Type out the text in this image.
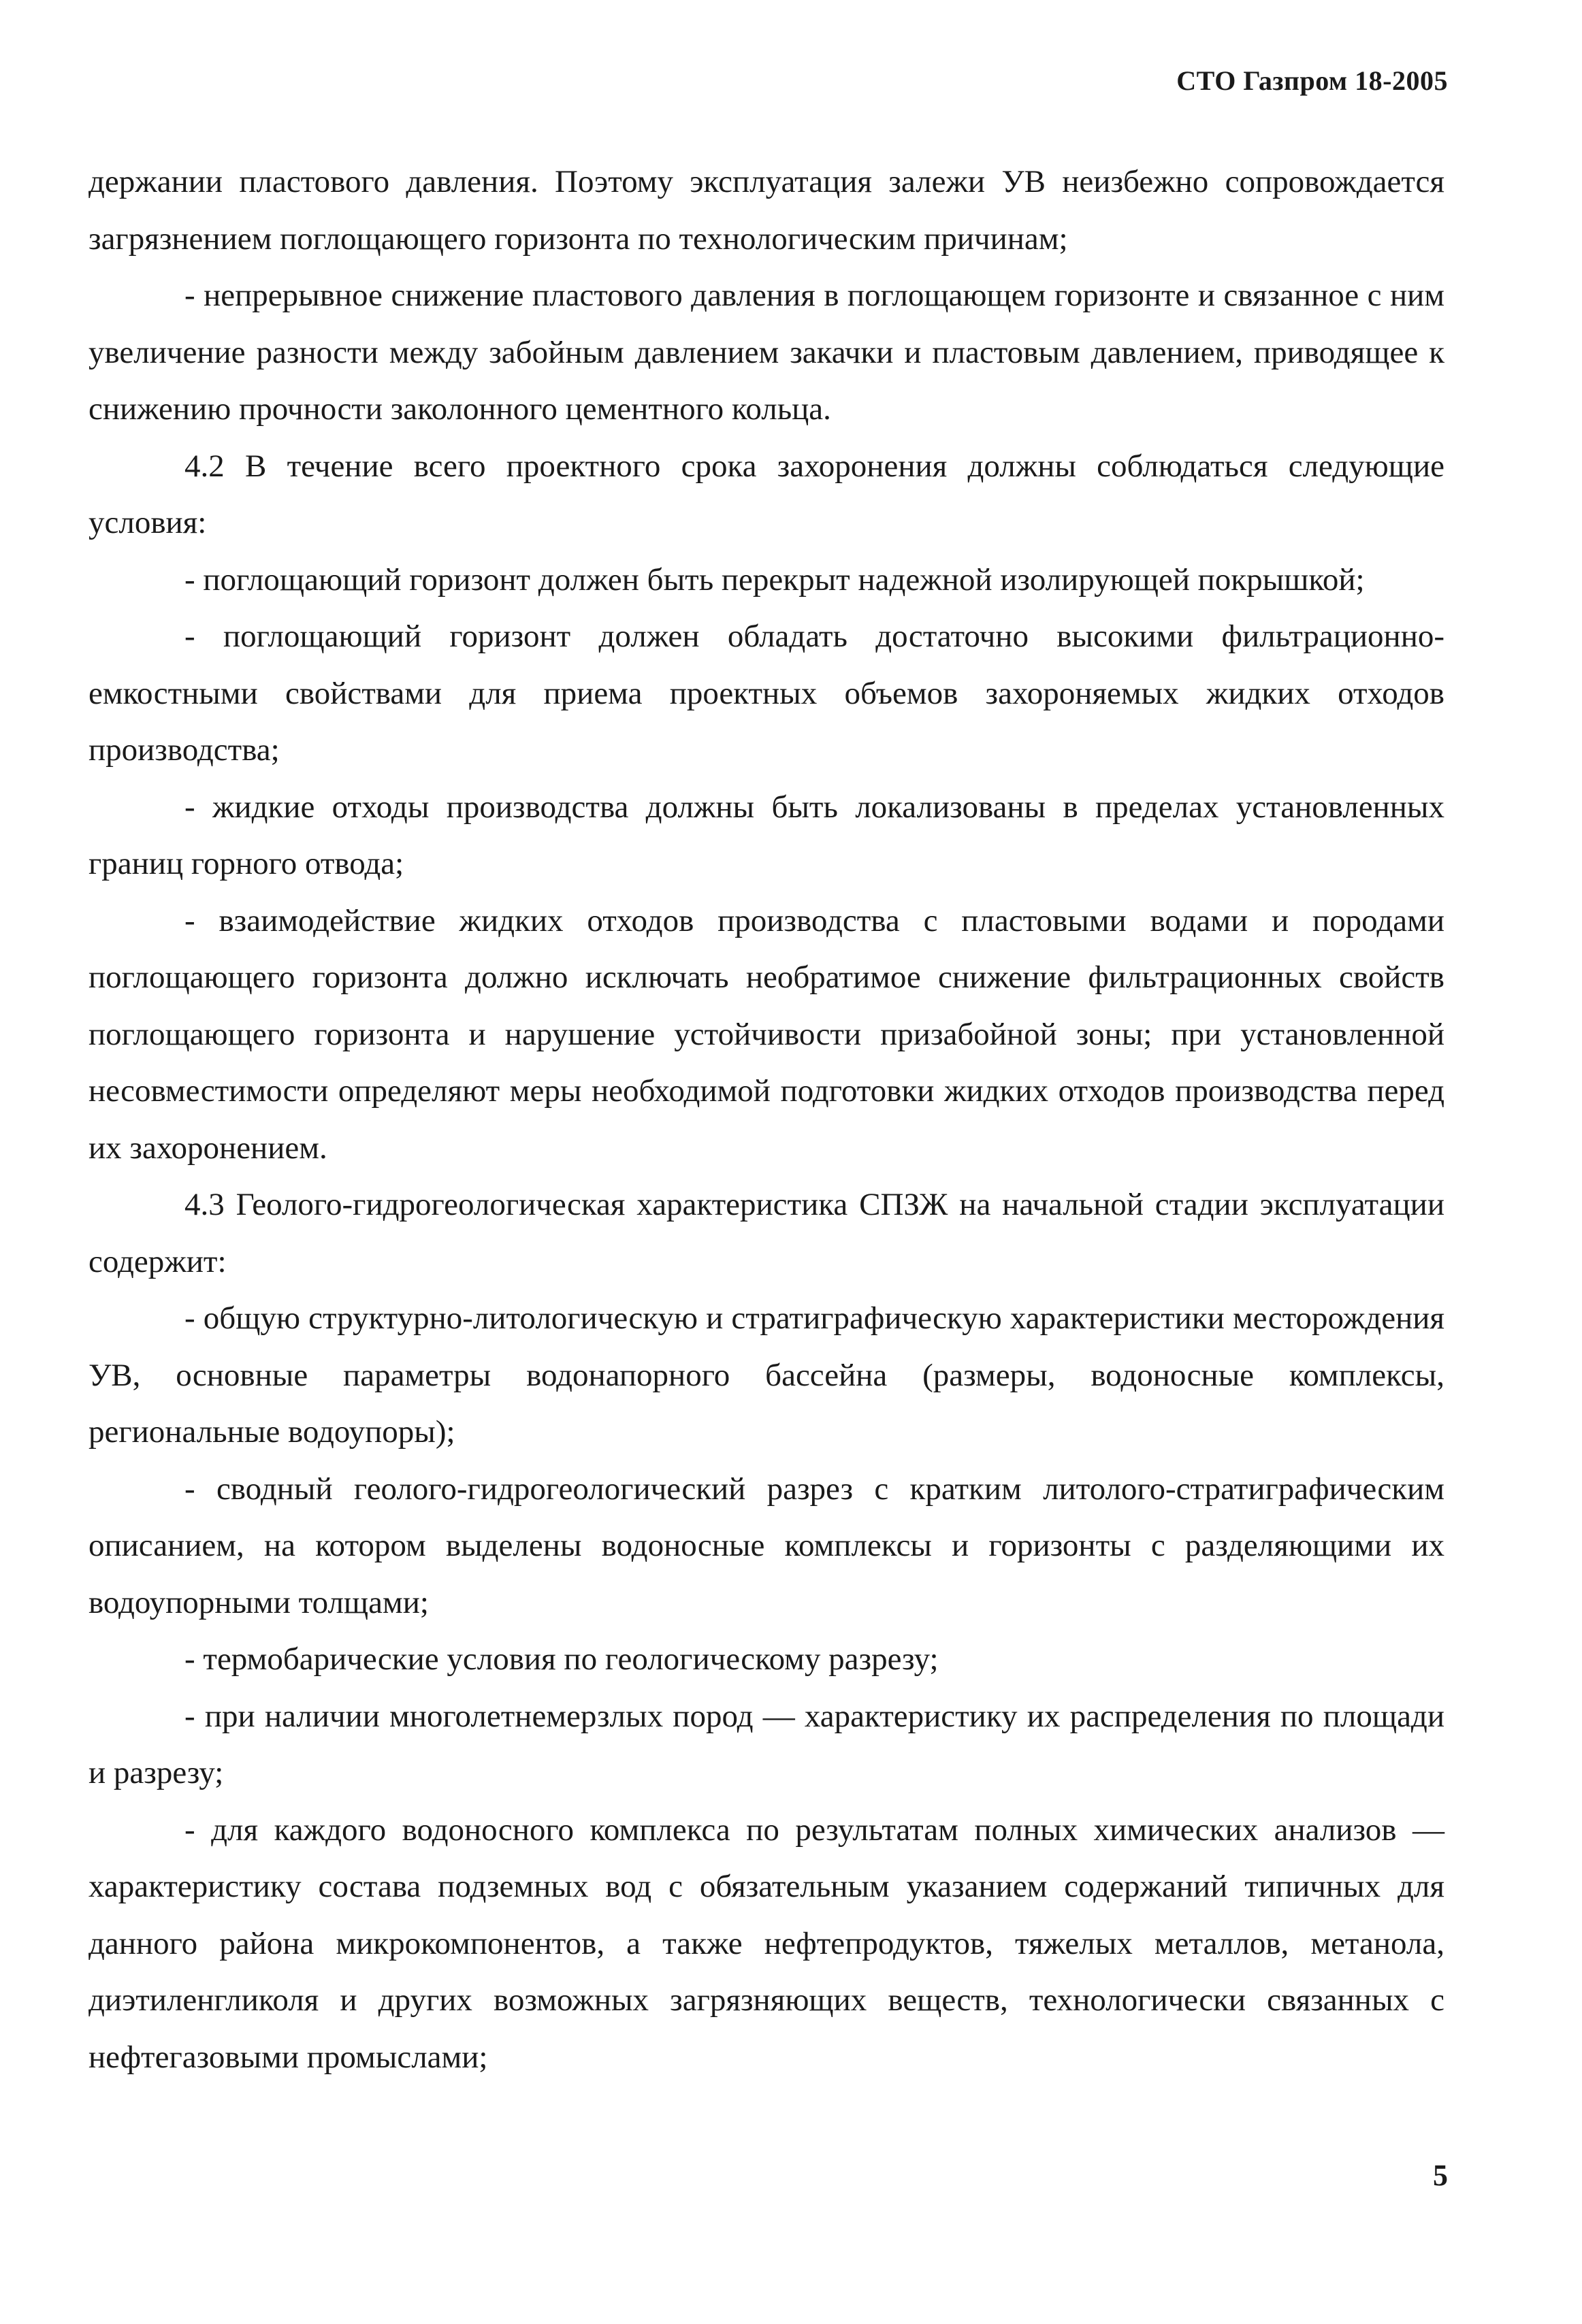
СТО Газпром 18-2005

держании пластового давления. Поэтому эксплуатация залежи УВ неизбежно сопровождается загрязнением поглощающего горизонта по технологическим причинам;

- непрерывное снижение пластового давления в поглощающем горизонте и связанное с ним увеличение разности между забойным давлением закачки и пластовым давлением, приводящее к снижению прочности заколонного цементного кольца.

4.2 В течение всего проектного срока захоронения должны соблюдаться следующие условия:

- поглощающий горизонт должен быть перекрыт надежной изолирующей покрышкой;

- поглощающий горизонт должен обладать достаточно высокими фильтрационно-емкостными свойствами для приема проектных объемов захороняемых жидких отходов производства;

- жидкие отходы производства должны быть локализованы в пределах установленных границ горного отвода;

- взаимодействие жидких отходов производства с пластовыми водами и породами поглощающего горизонта должно исключать необратимое снижение фильтрационных свойств поглощающего горизонта и нарушение устойчивости призабойной зоны; при установленной несовместимости определяют меры необходимой подготовки жидких отходов производства перед их захоронением.

4.3 Геолого-гидрогеологическая характеристика СПЗЖ на начальной стадии эксплуатации содержит:

- общую структурно-литологическую и стратиграфическую характеристики месторождения УВ, основные параметры водонапорного бассейна (размеры, водоносные комплексы, региональные водоупоры);

- сводный геолого-гидрогеологический разрез с кратким литолого-стратиграфическим описанием, на котором выделены водоносные комплексы и горизонты с разделяющими их водоупорными толщами;

- термобарические условия по геологическому разрезу;

- при наличии многолетнемерзлых пород — характеристику их распределения по площади и разрезу;

- для каждого водоносного комплекса по результатам полных химических анализов — характеристику состава подземных вод с обязательным указанием содержаний типичных для данного района микрокомпонентов, а также нефтепродуктов, тяжелых металлов, метанола, диэтиленгликоля и других возможных загрязняющих веществ, технологически связанных с нефтегазовыми промыслами;

5
